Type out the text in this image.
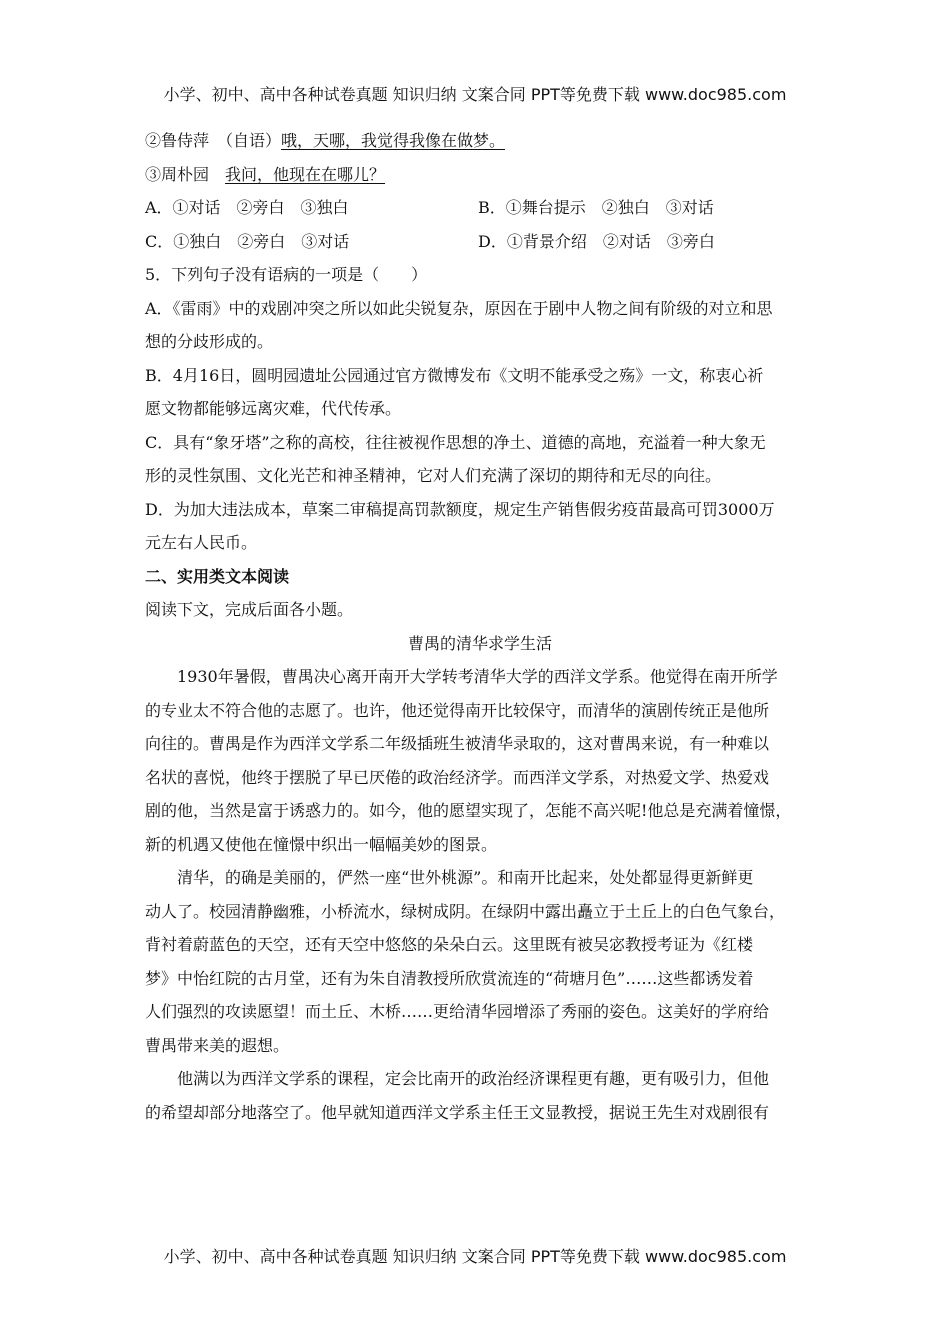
小学、初中、高中各种试卷真题 知识归纳 文案合同 PPT等免费下载 www.doc985.com
②鲁侍萍　（自语）哦，天哪，我觉得我像在做梦。
③周朴园　我问，他现在在哪儿？
A．①对话　②旁白　③独白	B．①舞台提示　②独白　③对话
C．①独白　②旁白　③对话	D．①背景介绍　②对话　③旁白
5．下列句子没有语病的一项是（　　）
A．《雷雨》中的戏剧冲突之所以如此尖锐复杂，原因在于剧中人物之间有阶级的对立和思
想的分歧形成的。
B．4月16日，圆明园遗址公园通过官方微博发布《文明不能承受之殇》一文，称衷心祈
愿文物都能够远离灾难，代代传承。
C．具有“象牙塔”之称的高校，往往被视作思想的净土、道德的高地，充溢着一种大象无
形的灵性氛围、文化光芒和神圣精神，它对人们充满了深切的期待和无尽的向往。
D．为加大违法成本，草案二审稿提高罚款额度，规定生产销售假劣疫苗最高可罚3000万
元左右人民币。
二、实用类文本阅读
阅读下文，完成后面各小题。
曹禺的清华求学生活
1930年暑假，曹禺决心离开南开大学转考清华大学的西洋文学系。他觉得在南开所学
的专业太不符合他的志愿了。也许，他还觉得南开比较保守，而清华的演剧传统正是他所
向往的。曹禺是作为西洋文学系二年级插班生被清华录取的，这对曹禺来说，有一种难以
名状的喜悦，他终于摆脱了早已厌倦的政治经济学。而西洋文学系，对热爱文学、热爱戏
剧的他，当然是富于诱惑力的。如今，他的愿望实现了，怎能不高兴呢!他总是充满着憧憬，
新的机遇又使他在憧憬中织出一幅幅美妙的图景。
清华，的确是美丽的，俨然一座“世外桃源”。和南开比起来，处处都显得更新鲜更
动人了。校园清静幽雅，小桥流水，绿树成阴。在绿阴中露出矗立于土丘上的白色气象台，
背衬着蔚蓝色的天空，还有天空中悠悠的朵朵白云。这里既有被吴宓教授考证为《红楼
梦》中怡红院的古月堂，还有为朱自清教授所欣赏流连的“荷塘月色”……这些都诱发着
人们强烈的攻读愿望！而土丘、木桥……更给清华园增添了秀丽的姿色。这美好的学府给
曹禺带来美的遐想。
他满以为西洋文学系的课程，定会比南开的政治经济课程更有趣，更有吸引力，但他
的希望却部分地落空了。他早就知道西洋文学系主任王文显教授，据说王先生对戏剧很有
小学、初中、高中各种试卷真题 知识归纳 文案合同 PPT等免费下载 www.doc985.com
